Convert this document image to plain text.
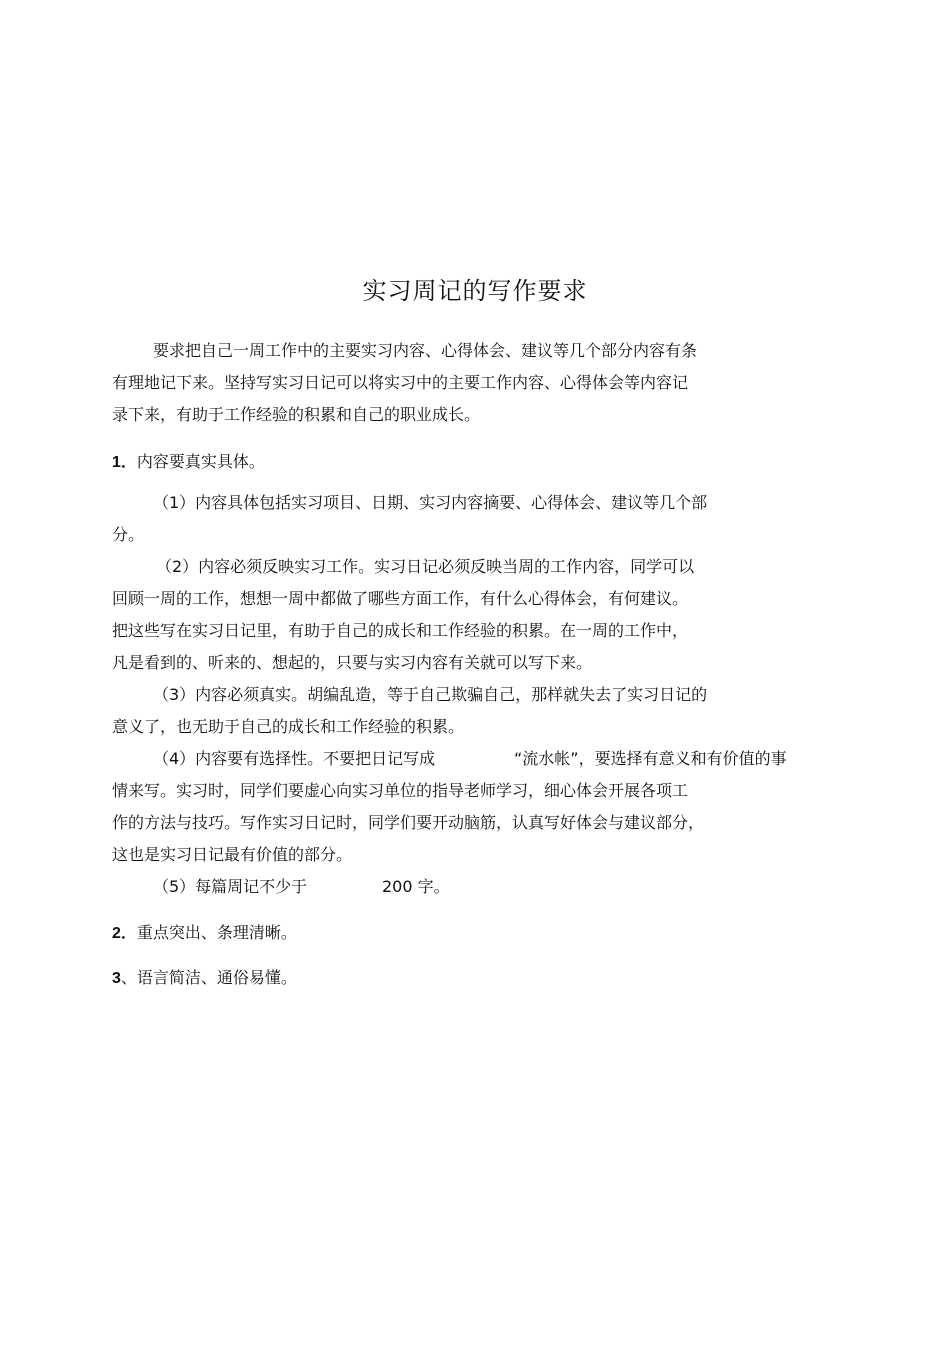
实习周记的写作要求
要求把自己一周工作中的主要实习内容、心得体会、建议等几个部分内容有条
有理地记下来。坚持写实习日记可以将实习中的主要工作内容、心得体会等内容记
录下来，有助于工作经验的积累和自己的职业成长。
1．内容要真实具体。
（1）内容具体包括实习项目、日期、实习内容摘要、心得体会、建议等几个部
分。
（2）内容必须反映实习工作。实习日记必须反映当周的工作内容，同学可以
回顾一周的工作，想想一周中都做了哪些方面工作，有什么心得体会，有何建议。
把这些写在实习日记里，有助于自己的成长和工作经验的积累。在一周的工作中，
凡是看到的、听来的、想起的，只要与实习内容有关就可以写下来。
（3）内容必须真实。胡编乱造，等于自己欺骗自己，那样就失去了实习日记的
意义了，也无助于自己的成长和工作经验的积累。
（4）内容要有选择性。不要把日记写成	“流水帐”，要选择有意义和有价值的事
情来写。实习时，同学们要虚心向实习单位的指导老师学习，细心体会开展各项工
作的方法与技巧。写作实习日记时，同学们要开动脑筋，认真写好体会与建议部分，
这也是实习日记最有价值的部分。
（5）每篇周记不少于	200 字。
2．重点突出、条理清晰。
3、语言简洁、通俗易懂。
